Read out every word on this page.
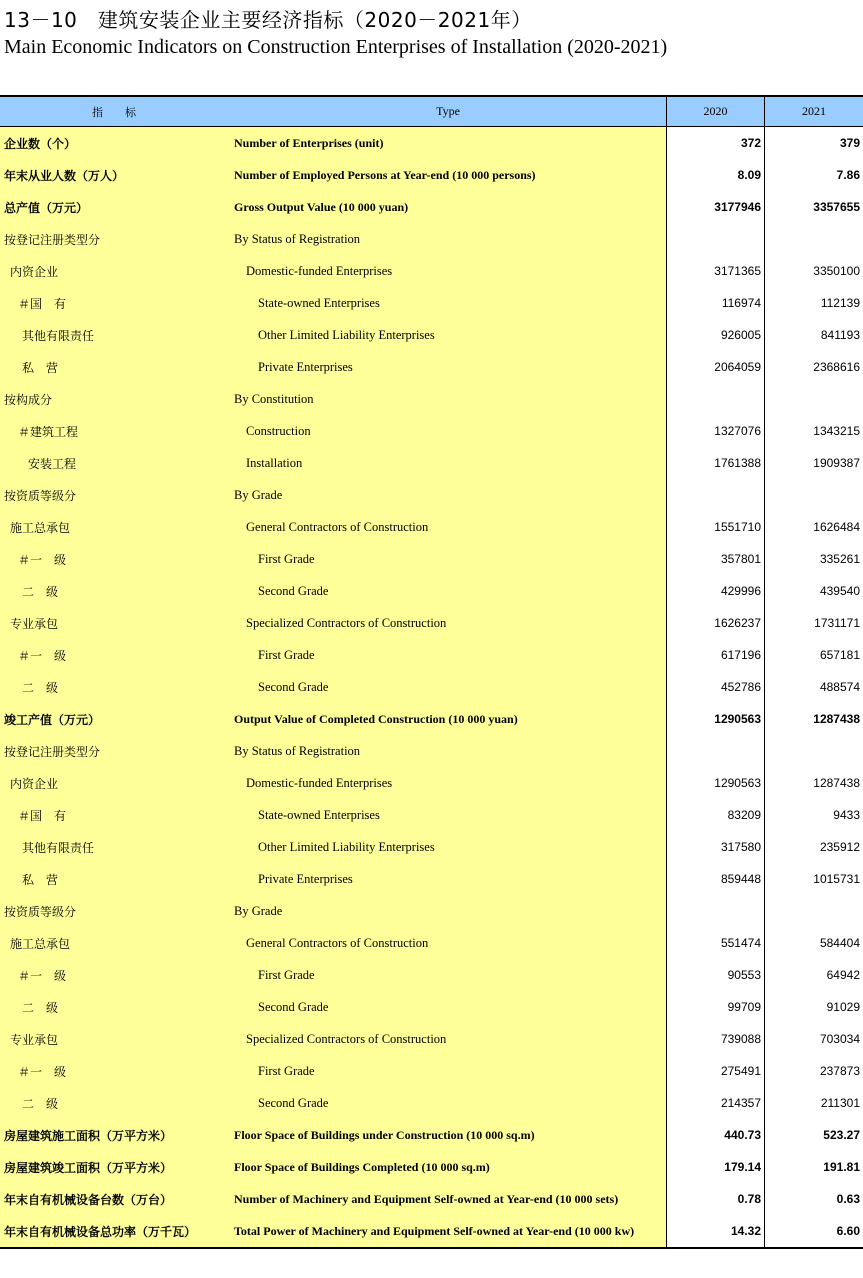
13－10　建筑安装企业主要经济指标（2020－2021年）
Main Economic Indicators on Construction Enterprises of Installation (2020-2021)
指标	Type	2020	2021
企业数（个）	Number of Enterprises (unit)	372	379
年末从业人数（万人）	Number of Employed Persons at Year-end (10 000 persons)	8.09	7.86
总产值（万元）	Gross Output Value (10 000 yuan)	3177946	3357655
按登记注册类型分	By Status of Registration
内资企业	Domestic-funded Enterprises	3171365	3350100
＃国　有	State-owned Enterprises	116974	112139
其他有限责任	Other Limited Liability Enterprises	926005	841193
私　营	Private Enterprises	2064059	2368616
按构成分	By Constitution
＃建筑工程	Construction	1327076	1343215
安装工程	Installation	1761388	1909387
按资质等级分	By Grade
施工总承包	General Contractors of Construction	1551710	1626484
＃一　级	First Grade	357801	335261
二　级	Second Grade	429996	439540
专业承包	Specialized Contractors of Construction	1626237	1731171
＃一　级	First Grade	617196	657181
二　级	Second Grade	452786	488574
竣工产值（万元）	Output Value of Completed Construction (10 000 yuan)	1290563	1287438
按登记注册类型分	By Status of Registration
内资企业	Domestic-funded Enterprises	1290563	1287438
＃国　有	State-owned Enterprises	83209	9433
其他有限责任	Other Limited Liability Enterprises	317580	235912
私　营	Private Enterprises	859448	1015731
按资质等级分	By Grade
施工总承包	General Contractors of Construction	551474	584404
＃一　级	First Grade	90553	64942
二　级	Second Grade	99709	91029
专业承包	Specialized Contractors of Construction	739088	703034
＃一　级	First Grade	275491	237873
二　级	Second Grade	214357	211301
房屋建筑施工面积（万平方米）	Floor Space of Buildings under Construction (10 000 sq.m)	440.73	523.27
房屋建筑竣工面积（万平方米）	Floor Space of Buildings Completed (10 000 sq.m)	179.14	191.81
年末自有机械设备台数（万台）	Number of Machinery and Equipment Self-owned at Year-end (10 000 sets)	0.78	0.63
年末自有机械设备总功率（万千瓦）	Total Power of Machinery and Equipment Self-owned at Year-end (10 000 kw)	14.32	6.60
